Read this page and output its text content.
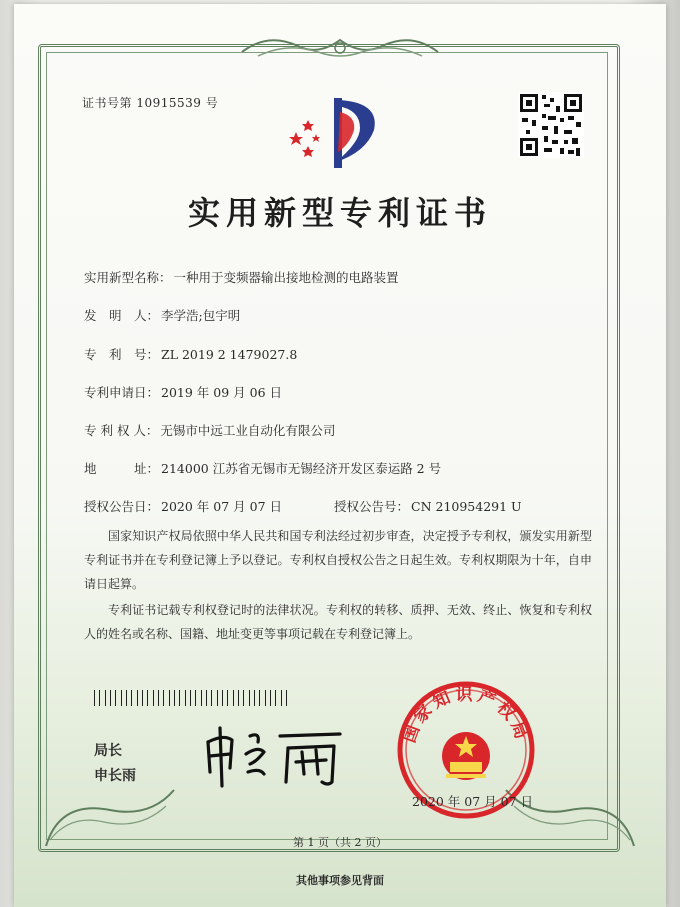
证书号第 10915539 号
实用新型专利证书
实用新型名称： 一种用于变频器输出接地检测的电路装置
发　明　人： 李学浩;包宇明
专　利　号： ZL 2019 2 1479027.8
专利申请日： 2019 年 09 月 06 日
专 利 权 人： 无锡市中远工业自动化有限公司
地　　　址： 214000 江苏省无锡市无锡经济开发区泰运路 2 号
授权公告日： 2020 年 07 月 07 日	授权公告号： CN 210954291 U
国家知识产权局依照中华人民共和国专利法经过初步审查，决定授予专利权，颁发实用新型专利证书并在专利登记簿上予以登记。专利权自授权公告之日起生效。专利权期限为十年，自申请日起算。
专利证书记载专利权登记时的法律状况。专利权的转移、质押、无效、终止、恢复和专利权人的姓名或名称、国籍、地址变更等事项记载在专利登记簿上。
局长
申长雨
国家知识产权局
2020 年 07 月 07 日
第 1 页（共 2 页）
其他事项参见背面
